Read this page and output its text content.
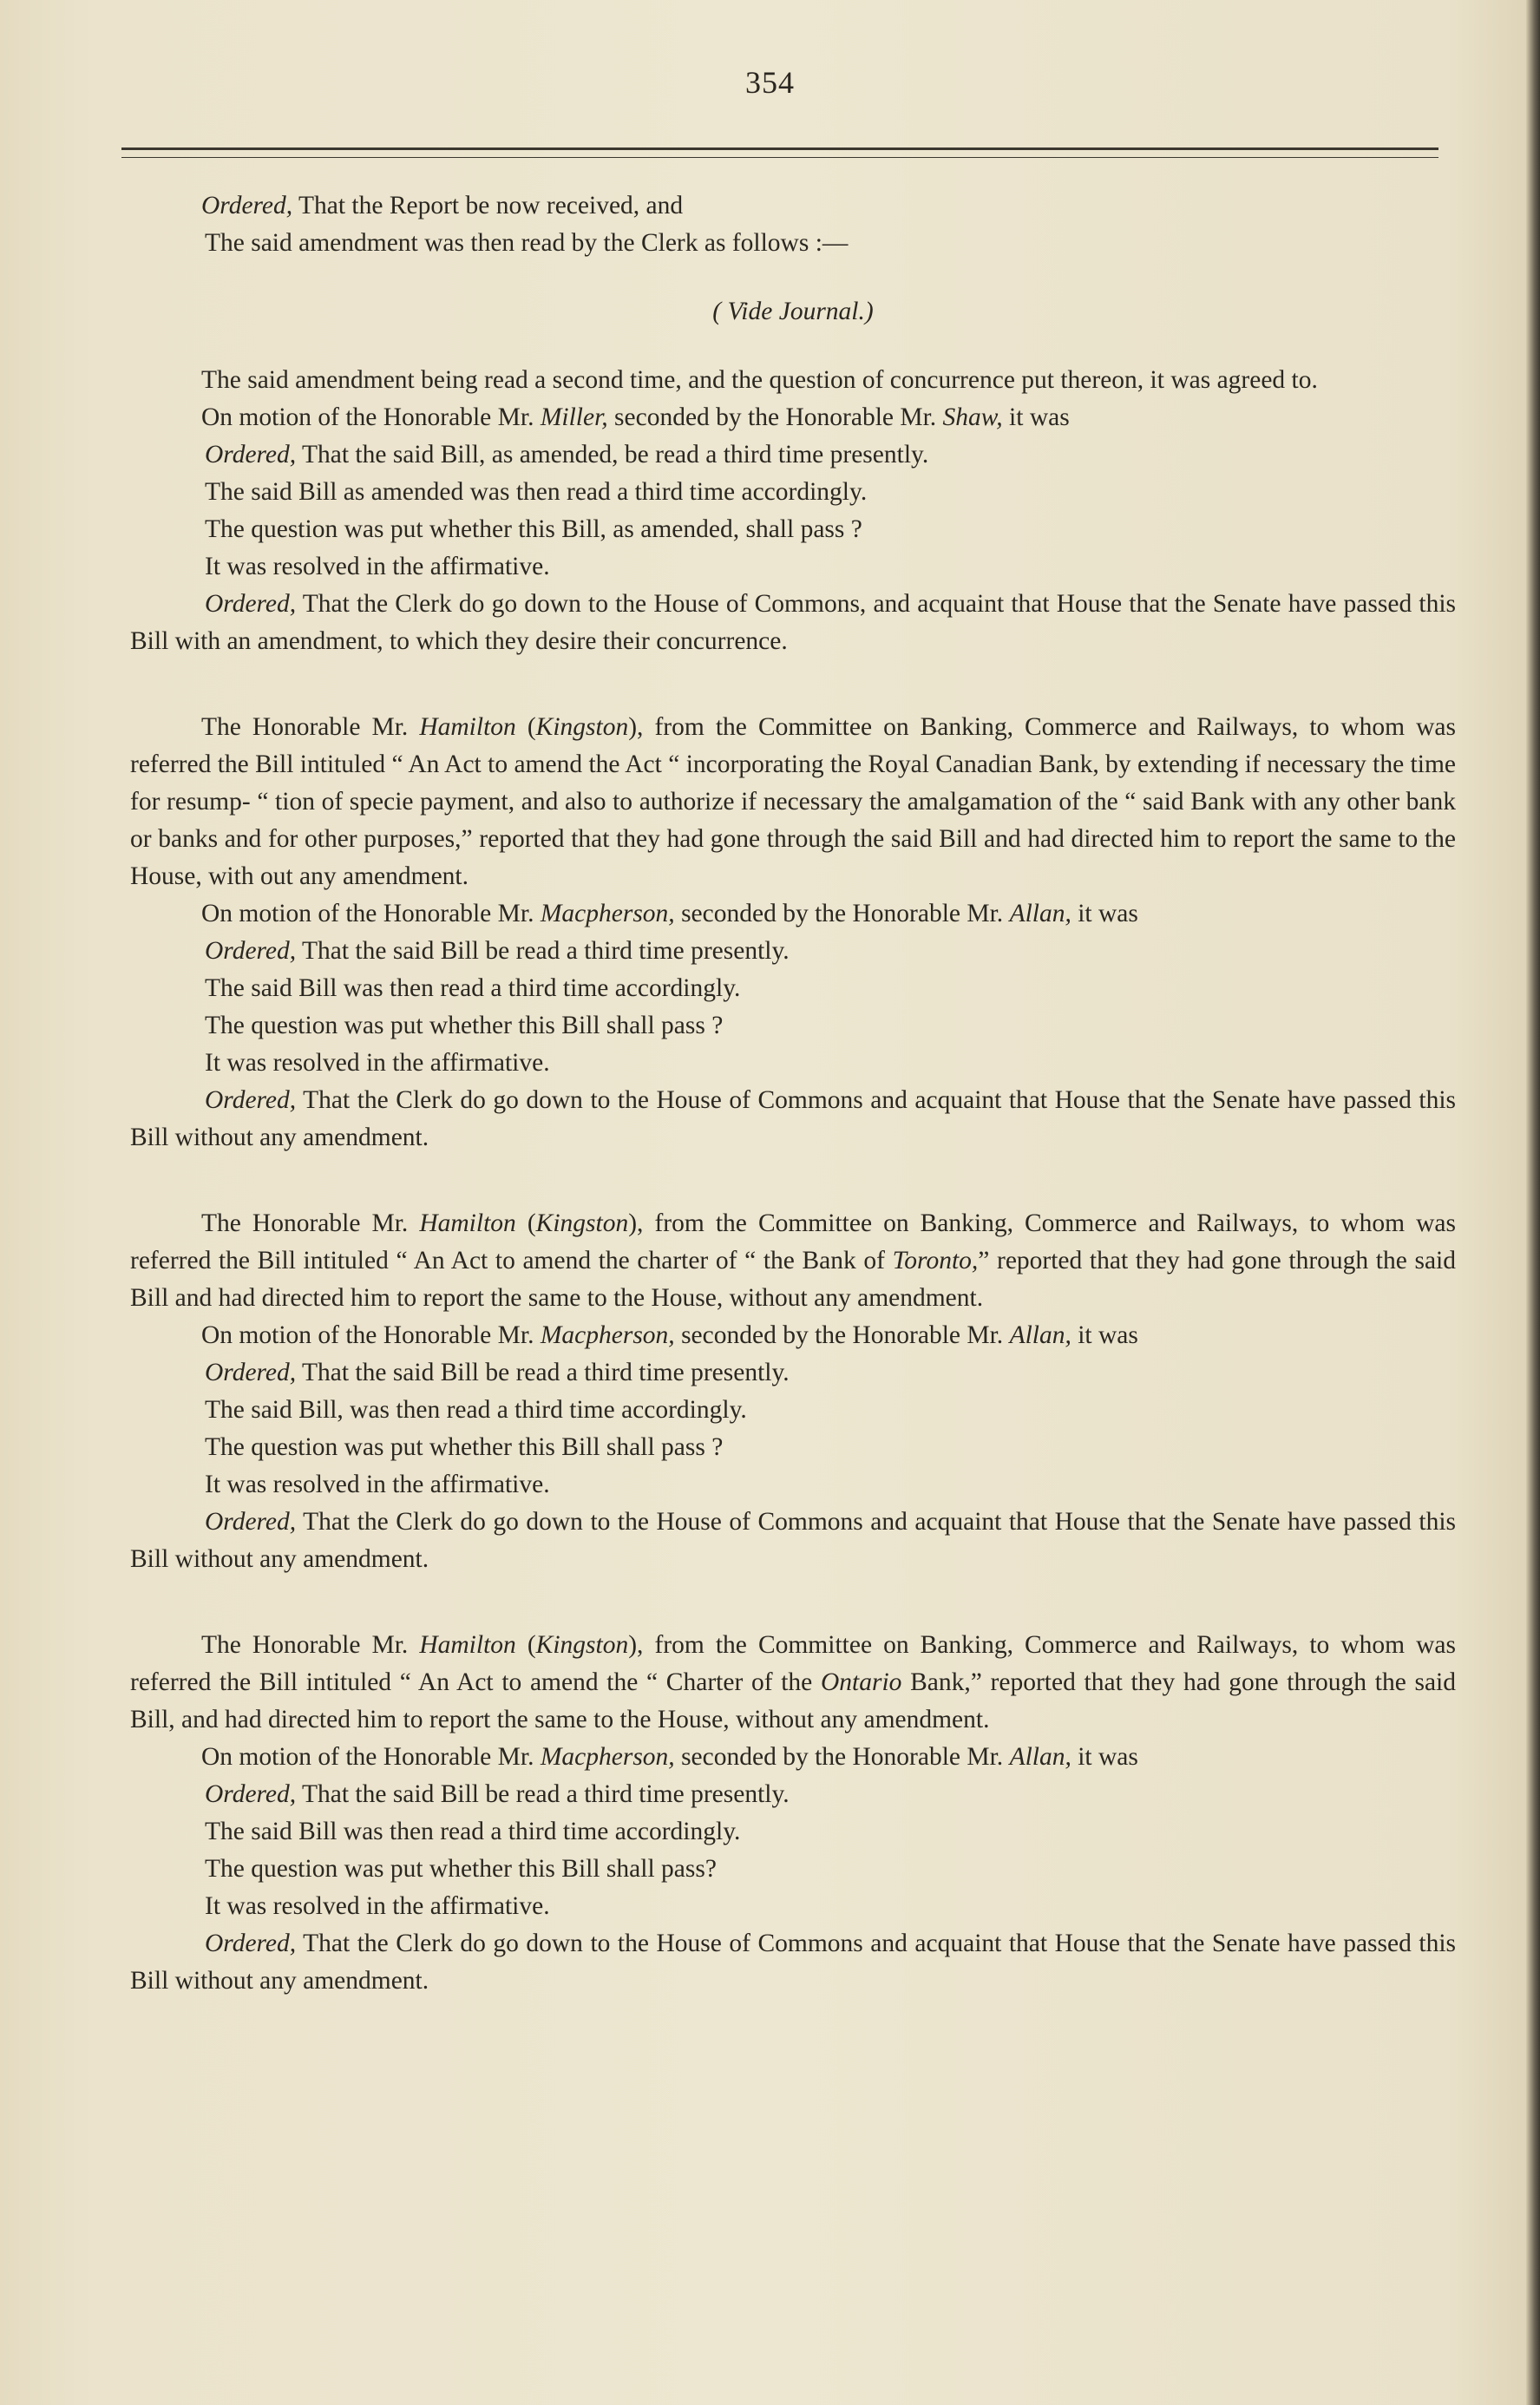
354

Ordered, That the Report be now received, and

The said amendment was then read by the Clerk as follows :—

( Vide Journal.)

The said amendment being read a second time, and the question of concurrence put thereon, it was agreed to.

On motion of the Honorable Mr. Miller, seconded by the Honorable Mr. Shaw, it was

Ordered, That the said Bill, as amended, be read a third time presently.

The said Bill as amended was then read a third time accordingly.

The question was put whether this Bill, as amended, shall pass ?

It was resolved in the affirmative.

Ordered, That the Clerk do go down to the House of Commons, and acquaint that House that the Senate have passed this Bill with an amendment, to which they desire their concurrence.

The Honorable Mr. Hamilton (Kingston), from the Committee on Banking, Commerce and Railways, to whom was referred the Bill intituled “ An Act to amend the Act “ incorporating the Royal Canadian Bank, by extending if necessary the time for resump- “ tion of specie payment, and also to authorize if necessary the amalgamation of the “ said Bank with any other bank or banks and for other purposes,” reported that they had gone through the said Bill and had directed him to report the same to the House, with out any amendment.

On motion of the Honorable Mr. Macpherson, seconded by the Honorable Mr. Allan, it was

Ordered, That the said Bill be read a third time presently.

The said Bill was then read a third time accordingly.

The question was put whether this Bill shall pass ?

It was resolved in the affirmative.

Ordered, That the Clerk do go down to the House of Commons and acquaint that House that the Senate have passed this Bill without any amendment.

The Honorable Mr. Hamilton (Kingston), from the Committee on Banking, Commerce and Railways, to whom was referred the Bill intituled “ An Act to amend the charter of “ the Bank of Toronto,” reported that they had gone through the said Bill and had directed him to report the same to the House, without any amendment.

On motion of the Honorable Mr. Macpherson, seconded by the Honorable Mr. Allan, it was

Ordered, That the said Bill be read a third time presently.

The said Bill, was then read a third time accordingly.

The question was put whether this Bill shall pass ?

It was resolved in the affirmative.

Ordered, That the Clerk do go down to the House of Commons and acquaint that House that the Senate have passed this Bill without any amendment.

The Honorable Mr. Hamilton (Kingston), from the Committee on Banking, Commerce and Railways, to whom was referred the Bill intituled “ An Act to amend the “ Charter of the Ontario Bank,” reported that they had gone through the said Bill, and had directed him to report the same to the House, without any amendment.

On motion of the Honorable Mr. Macpherson, seconded by the Honorable Mr. Allan, it was

Ordered, That the said Bill be read a third time presently.

The said Bill was then read a third time accordingly.

The question was put whether this Bill shall pass?

It was resolved in the affirmative.

Ordered, That the Clerk do go down to the House of Commons and acquaint that House that the Senate have passed this Bill without any amendment.
